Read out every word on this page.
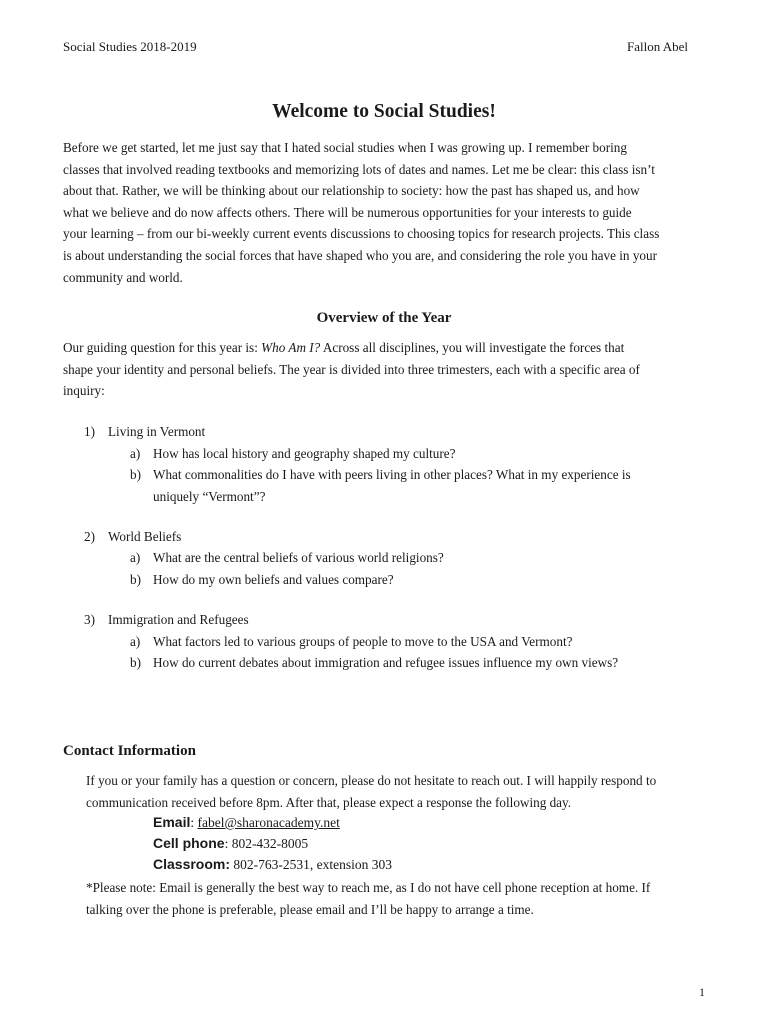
Social Studies 2018-2019	Fallon Abel
Welcome to Social Studies!
Before we get started, let me just say that I hated social studies when I was growing up. I remember boring
classes that involved reading textbooks and memorizing lots of dates and names. Let me be clear: this class isn’t
about that. Rather, we will be thinking about our relationship to society: how the past has shaped us, and how
what we believe and do now affects others. There will be numerous opportunities for your interests to guide
your learning – from our bi-weekly current events discussions to choosing topics for research projects. This class
is about understanding the social forces that have shaped who you are, and considering the role you have in your
community and world.
Overview of the Year
Our guiding question for this year is: Who Am I? Across all disciplines, you will investigate the forces that
shape your identity and personal beliefs. The year is divided into three trimesters, each with a specific area of
inquiry:
1) Living in Vermont
a) How has local history and geography shaped my culture?
b) What commonalities do I have with peers living in other places? What in my experience is
uniquely “Vermont”?
2) World Beliefs
a) What are the central beliefs of various world religions?
b) How do my own beliefs and values compare?
3) Immigration and Refugees
a) What factors led to various groups of people to move to the USA and Vermont?
b) How do current debates about immigration and refugee issues influence my own views?
Contact Information
If you or your family has a question or concern, please do not hesitate to reach out. I will happily respond to
communication received before 8pm. After that, please expect a response the following day.
Email: fabel@sharonacademy.net
Cell phone: 802-432-8005
Classroom: 802-763-2531, extension 303
*Please note: Email is generally the best way to reach me, as I do not have cell phone reception at home. If
talking over the phone is preferable, please email and I’ll be happy to arrange a time.
1
